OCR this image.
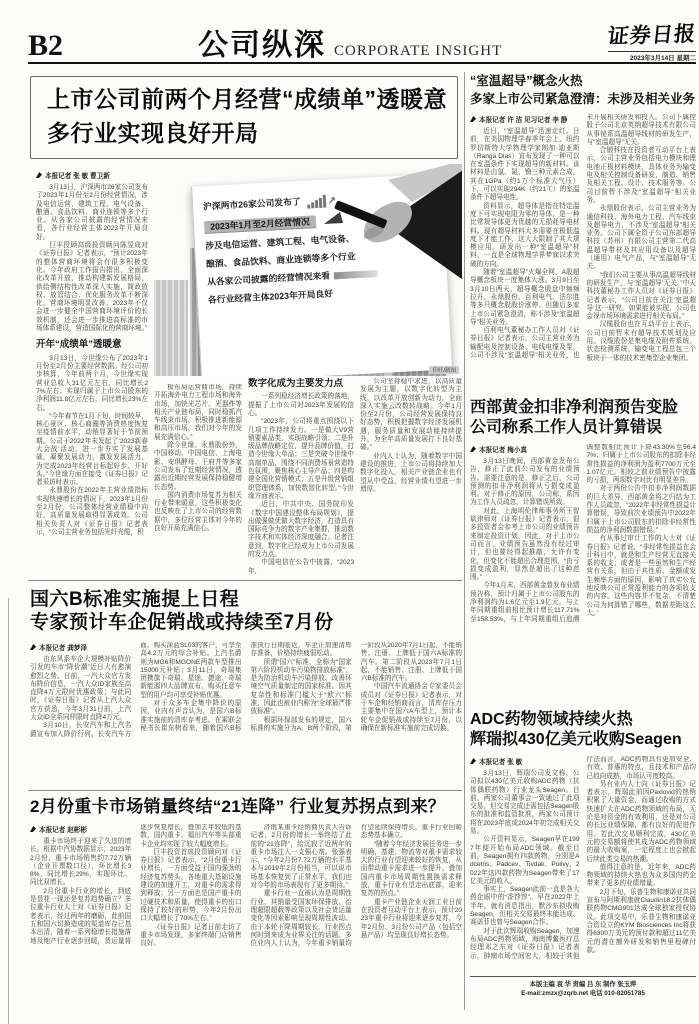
B2	公司纵深 CORPORATE INSIGHT
证券日报
2023年3月14日 星期二
上市公司前两个月经营“成绩单”透暖意
多行业实现良好开局
本报记者 张 敏 曹卫新

3月13日，沪深两市26家公司发布了2023年1月份至2月份经营情况，涉及电信运营、建筑工程、电气设备、酿酒、食品饮料、商业连锁等多个行业。从各家公司披露的经营情况来看，各行业经营主体2023年开局良好。

巨丰投顾高级投资顾问陈昱成对《证券日报》记者表示，“预计2023年的整体营商环境将会有很多积极变化。今年政府工作报告指出，全面深化改革开放，推动构建新发展格局，供给侧结构性改革深入实施，简政放权、放管结合、优化服务改革不断深化，营商环境明显改善。2023年不仅会进一步健全中国营商环境评价的长效机制，还会进一步推进高标准的市场体系建设，营造国际化的营商环境。”

开年“成绩单”透暖意

3月13日，今世缘公布了2023年1月份至2月份主要经营数据。经公司初步核算，今年前两个月，今世缘实现营业总收入31亿元左右，同比增长27%左右；实现归属于上市公司股东的净利润11.8亿元左右，同比增长23%左右。

“今年春节在1月下旬，时间较早，核心景区、核心商圈等消费热度恢复至疫情前水平，动销显著好于节前预期。公司于2022年末发起了‘2023新春大会战’活动，进一步夯实了发展基础，凝聚发展动力，激发发展活力，为完成2023年经营目标起好步、开好头。”今世缘方面在接受《证券日报》记者采访时表示。

永鼎股份在2022年主营业绩指标实现快速增长的情况下，2023年1月份至2月份，公司整体经营业绩稳中向好，高质量发展取得显著成效。公司相关负责人对《证券日报》记者表示，“公司主营业务包括光纤光缆，积

沪深两市26家公司发布了
↗
2023年1月至2月经营情况
涉及电信运营、建筑工程、电气设备、
酿酒、食品饮料、商业连锁等多个行业
从各家公司披露的经营情况来看
各行业经营主体2023年开局良好
佳旺/制图

极布局运营商市场，持续开拓海外电力工程市场和海外市场，加快光芯片、光器件等相关产业链布局，同时稳抓汽车线束市场，积极推进新能源和高压市场，我们对今年的发展充满信心。”

除今世缘、永鼎股份外，中国移动、中国电信、上海电影、安琪酵母、王府井等多家公司发布了近期经营情况，透露出近期经营发展保持稳健增长态势。

国内消费市场复苏为相关行业带来暖意，这些积极变化也反映在了上市公司的经营数据中，多位经营主体对今年的良好开局充满信心。

数字化成为主要发力点

一系列稳经济增长政策的落地，提振了上市公司对2023年发展的信心。

“2023年，公司将重点围绕以下几项工作持续发力。一是做大V9营销要素品类，实现战略引领；二是升级品牌战略定位，提升品牌价值，打造今世缘大单品；三是突破今世缘中高端单品，围绕不同消费场景营造特色氛围，聚焦核心主导产品；四是构建全国化营销模式；五是升级营销组织管理体系，加快数智化转型。”今世缘方面表示。

近日，中共中央、国务院印发《数字中国建设整体布局规划》，提出做强做优做大数字经济，打造具有国际竞争力的数字产业集群，推动数字技术和实体经济深度融合。记者注意到，数字化已经成为上市公司发展的发力点。

中国电信在公告中披露，“2023年，

公司坚持稳中求进，以高质量发展为主题，以数字化转型为主线，以改革开放创新为动力，全面深入实施云改数转战略。今年1月份至2月份，公司经营发展保持良好态势，积极把握数字经济发展机遇，服务质量和发展动能持续提升，为全年高质量发展打下良好基础。”

业内人士认为，随着数字中国建设的推进，上市公司将持续加大数字化投入，相关产业链企业也有望从中受益，经营业绩有望进一步增厚。

国六B标准实施提上日程
专家预计车企促销战或持续至7月份
本报记者 龚梦泽

由东风系车企大规模补贴降价引发的车市“降价潮”近日大有愈演愈烈之势。日前，一汽大众官方发布降价信息，一汽大众ID家族至高直降4万元限时优惠政策；与此同时，《证券日报》记者从上汽大众官方获悉，今年3月31日前，上汽大众ID全系同样限时直降4万元。

3月10日，长安汽车和上汽名爵宣布加入降价行列。长安汽车方面，购买深蓝SL03的客户，可享至高4.2万元的综合补贴。上汽名爵则为MG6和MGONE两款车型推出15000元补贴；3月11日，奇瑞集团携旗下奇瑞、星途、捷途、奇瑞新能源四大品牌宣布，购买任意车型的用户均可享受补贴优惠。

对于众多车企集中降价的原因，业内有声音认为，是国六B标准实施前的清库存考虑。在乘联会秘书长崔东树看来，随着国六B标准执行日期临近，车企正加速清库存准备，价格持续疲弱松动。

所谓“国六”标准，全称为“国家第六阶段机动车污染物排放标准”，是为防治机动车污染排放、改善环境空气质量制定的国家标准。因其复杂性和标准门槛大于“欧六”标准，因此也被业内称为“全球最严排放标准”。

根据环保部发布的规定，国六标准的实施分为A、B两个阶段，第一阶段从2020年7月1日起，不能销售、注册、上牌低于国六A标准的汽车。第二阶段从2023年7月1日起，不能销售、注册、上牌低于国六B标准的汽车。

中国汽车流通协会专家委员会成员对《证券日报》记者表示，对于车企和经销商而言，清库存压力主要集中在国六A车型上，预计本轮车企促销战或持续至7月份，以确保在新标准实施前完成切换。

2月份重卡市场销量终结“21连降” 行业复苏拐点到来？
本报记者 赵彬彬

重卡市场终于迎来了久违的增长。根据中汽协数据显示，2023年2月份，重卡市场销售约7.72万辆（企业开票数口径），环比增长38%，同比增长29%，实现环比、同比双增长。

2月份重卡行业的增长，到底是昙花一现还是复苏趋势确立？多位重卡行业人士对《证券日报》记者表示，经过两年的磨砺，此前国五和国六切换造成的渠道库存已基本出清，随着一系列稳增长措施落地及地产行业逐步回暖，货运量将逐步恢复增长，叠加去年较低的基数，国内重卡、福田汽车等头部重卡企业均实现了较大幅度增长。

巨丰投资首席投资顾问对《证券日报》记者表示，“2月份重卡行业增长，一方面受益于国内强劲的经济复苏势头，各地重大基础设施建设的加速开工，对重卡的需求得到释放；另一方面也是国产重卡的过硬技术和质量，使得重卡的出口保持了较好的形势，今年2月份出口大幅增长了70%左右。”

《证券日报》记者日前走访了重卡市场发现，多家终端门店销售良好。

济南某重卡经销商负责人告诉记者，2月份的增长一举终结了此前的“21连降”，给沉寂了近两年的重卡市场注入一支强心剂。张强表示，“今年2月份7.72万辆的水平基本与2019年2月份相当，可以说市场基本恢复到了正常水平，我们也对今年的市场表现有了更多期待。”

重卡行业一直被认为是周期性行业，其销量受国家环保排放、治理超限超载等政策以及社会货运量变化等因素影响呈现周期性波动。由于本轮下降周期较长，行业拐点何时到来成为业界关注的话题。多位业内人士认为，今年重卡销量均有望延续保持增长，重卡行业回暖态势基本确立。

“随着今年经济发展任务进一步明确，基建、物流等对重卡需求较大的行业有望迎来较好的恢复，从而带动重卡需求进一步提升，叠加国内重卡市场周期性置换需求释放，重卡行业有望走出底部，迎来复苏的拐点。”

重卡产业链企业天润工业日前在投资者互动平台上表示，预计2023年重卡行业将迎来逐步复苏，今年2月份、3月份公司产品（包括空悬产品）均呈现良好增长态势。

“室温超导”概念火热
多家上市公司紧急澄清：未涉及相关业务
本报记者 许 洁 见习记者 李 静

近日，“室温超导”迅速走红。日前，在美国物理学春季年会上，纽约罗切斯特大学物理学家朗加·迪亚斯（Ranga Dias）宣布发现了一种可以在室温条件下实现超导的新材料。该材料是由氢、氮、镥三种元素合成，其在1GPa（约1万个标准大气压）下，可以实现294K（约21℃）的室温条件下超导电性。

资料显示，超导体是指在特定温度下可实现电阻为零的导体，是一种比常规导体更为优越的无损耗导电材料。现有超导材料大多需要在极低温度下才能工作，这大大限制了其大规模应用。研发出一种“室温超导”材料，一直是全球物理学界梦寐以求突破的方向。

随着“室温超导”火爆全网，A股超导概念板块一度集体大涨。3月9日至3月10日两天，超导概念股盘中频频拉升，永鼎股份、百利电气、法尔胜等多只概念股股价涨停。但随后多家上市公司紧急澄清，称不涉及“室温超导”相关业务。

百利电气董秘办工作人员对《证券日报》记者表示，公司主营业务为输配电及控制设备、电线电缆及泵，公司不涉及“室温超导”相关业务，也未开展相关研发和投入。公司下属控股子公司北京英纳超导技术有限公司从事铋系高温超导线材的研发生产，与“室温超导”无关。

合锻科技在投资者互动平台上表示，公司主营业务包括电力模块和锂电池正极材料模块，具体业务为输变电及相关控制设备研发、制造、销售及相关工程、设计、技术服务等。公司目前暂不涉及“室温超导”相关业务。

永鼎股份表示，公司主营业务为通信科技、海外电力工程、汽车线束及超导电力，不涉及“室温超导”相关业务。公司下属全资子公司东部超导科技（苏州）有限公司主营第二代高温超导带材及其应用设备以及超导（通用）电气产品，与“室温超导”无关。

“我们公司主要从事高温超导线材的研发生产，与‘室温超导’无关。”中天科技董秘办工作人员对《证券日报》记者表示，“公司目前在关注‘室温超导’这一研究，如果能被实现，公司也会视市场环境需求进行相关布局。”

汉缆股份也在互动平台上表示，公司目前暂未有超导技术规划及应用。汉缆股份是集电缆及附件系统、状态检测系统、输变电工程总包三个板块于一体的技术密集型企业集团。

西部黄金扣非净利润预告变脸
公司称系工作人员计算错误
本报记者 梅小真

3月13日晚间，西部黄金发布公告，修正了此前公司发布的业绩预告。需要注意的是，修正之后，公司预测的扣非净利润将从亏损变成盈利。对于修正的原因，公司称，系因为工作人员疏忽，计算错误所致。

对此，上海明伦律师事务所王智斌律师对《证券日报》记者表示，很多投资者会参考上市公司的业绩预告来制定投资计划，因此，对于上市公司而言，业绩预告虽然没有经过审计，但也要经得起推敲，允许有变化，但变化不能超出合理范围，“由亏损变成盈利，显然是超出了这种范围。”

今年1月末，西部黄金曾发布业绩预告称，预计归属于上市公司股东的净利润约为1.6亿元至1.9亿元，与上年同期重组前相比预计增长117.71%至158.53%，与上年同期重组后追溯调整数相比预计下降43.30%至56.47%；归属于上市公司股东的扣除非经常性损益的净利润为盈利7700万元至1.07亿元。相较之前业绩预告中披露的亏损，两项数字对比有明显差异。

对于两份公告中扣非净利润数据的巨大差异，西部黄金将之归结为工作人员疏忽，“2022年非经常性损益计算错误，导致前次业绩预告中2022年归属于上市公司股东的扣除非经常性损益的净利润数据错误。”

有从事过审计工作的人士对《证券日报》记者说，“非经常性损益在会计科目中，就是和生产经营无直接关系的收支；或者是一些虽然和生产经营有关系，但由于其性质、金额或发生频率方面的原因，影响了真实公允地反映公司正常盈利能力的各项收支的内容。这些内容并不复杂，不清楚公司为何算错了哪些，数据差距这么大。”

ADC药物领域持续火热
辉瑞拟430亿美元收购Seagen
本报记者 张 敏

3月13日，辉瑞公司发文称，公司拟以430亿美元收购ADC药物（抗体偶联药物）行业龙头Seagen。目前，两家公司董事会一致通过了此项交易，但交易完成还需包括Seagen股东的批准和监管批准，两家公司预计将在2023年底或2024年初完成相关交易。

公开资料显示，Seagen早在1997年便开始布局ADC领域。截至目前，Seagen拥有四款药物，分别是Adcetris、Padcev、Tivdak、Polivy，2022年这四款药物为Seagen带来了17亿美元的收入。

事实上，Seagen此前一直是各大药企眼中的“香饽饽”。早在2022年上半年，就有消息指出，默沙东拟收购Seagen，但相关交易最终未能达成。赛诺菲也曾与Seagen合作。

对于此次辉瑞收购Seagen，加速布局ADC药物领域，海南博鳌医疗总经理邓之东对《证券日报》记者表示，肿瘤市场空间宏大，相较于其他疗法而言，ADC药物具有更加安全、有效、普惠的特点，且技术和产品均已趋向成熟，市场认可度较高。

另有业内人士向《证券日报》记者表示，辉瑞此前因Paxlovid的热销积累了大量资金，而通过收购的方式快速扩大在ADC药物领域的布局，无论是对资金的有效利用，还是对公司的长远业绩保障，都有良好的促进作用。若此次交易顺利完成，430亿美元的交易额将使其成为ADC药物领域的最大收购案，一定程度上也会掀起后续此类交易的热潮。

值得注意的是，近年来，ADC药物领域的持续火热也为众多国内药企带来了更多的业绩增量。

2月下旬，乐普生物和康诺亚共同宣布与阿斯利康就Claudin18.2抗体偶联药物CMG901达成全球独家授权协议。此项交易中，乐普生物和康诺亚合资设立的KYM Biosciences Inc将获得6300万美元的预付款和超过11亿美元的潜在额外研发和销售里程碑付款。

本版主编 袁 华 责编 吕 东 制作 张玉萍
E-mail:zmzx@zqrb.net 电话 010-82051785
